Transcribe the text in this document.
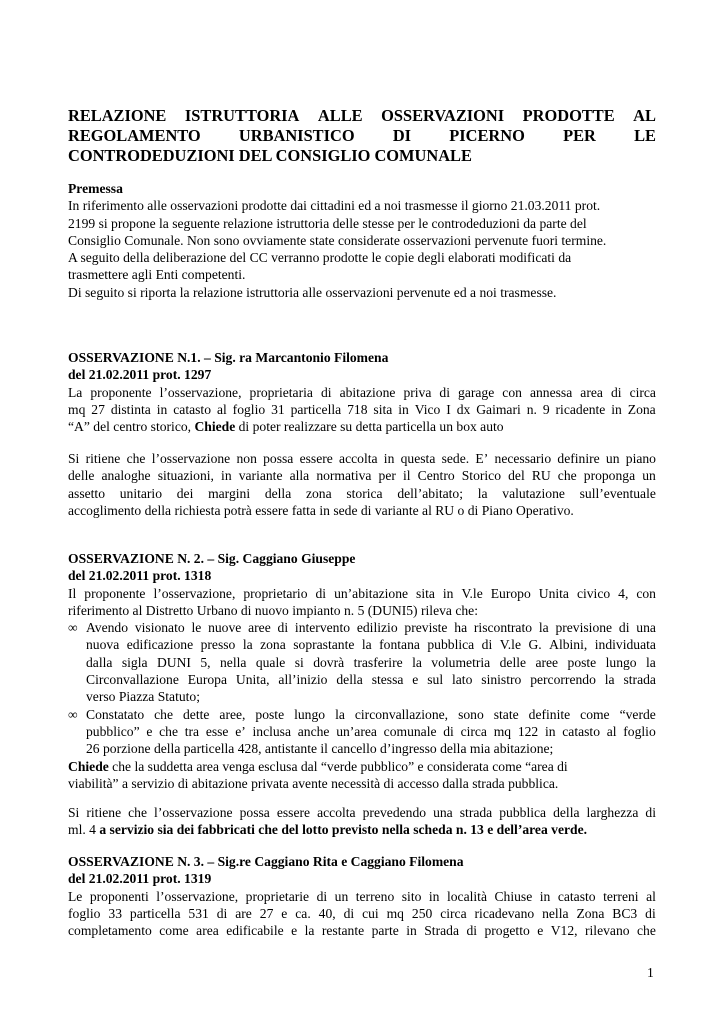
RELAZIONE ISTRUTTORIA ALLE OSSERVAZIONI PRODOTTE AL
REGOLAMENTO URBANISTICO DI PICERNO PER LE
CONTRODEDUZIONI DEL CONSIGLIO COMUNALE
Premessa
In riferimento alle osservazioni prodotte dai cittadini ed a noi trasmesse il giorno 21.03.2011 prot.
2199 si propone la seguente relazione istruttoria delle stesse per le controdeduzioni da parte del
Consiglio Comunale. Non sono ovviamente state considerate osservazioni pervenute fuori termine.
A seguito della deliberazione del CC verranno prodotte le copie degli elaborati modificati da
trasmettere agli Enti competenti.
Di seguito si riporta la relazione istruttoria alle osservazioni pervenute ed a noi trasmesse.
OSSERVAZIONE N.1. – Sig. ra Marcantonio Filomena
del 21.02.2011 prot. 1297
La proponente l’osservazione, proprietaria di abitazione priva di garage con annessa area di circa
mq 27 distinta in catasto al foglio 31 particella 718 sita in Vico I dx Gaimari n. 9 ricadente in Zona
“A” del centro storico, Chiede di poter realizzare su detta particella un box auto
Si ritiene che l’osservazione non possa essere accolta in questa sede. E’ necessario definire un piano
delle analoghe situazioni, in variante alla normativa per il Centro Storico del RU che proponga un
assetto unitario dei margini della zona storica dell’abitato; la valutazione sull’eventuale
accoglimento della richiesta potrà essere fatta in sede di variante al RU o di Piano Operativo.
OSSERVAZIONE N. 2. – Sig. Caggiano Giuseppe
del 21.02.2011 prot. 1318
Il proponente l’osservazione, proprietario di un’abitazione sita in V.le Europo Unita civico 4, con
riferimento al Distretto Urbano di nuovo impianto n. 5 (DUNI5) rileva che:
∞ Avendo visionato le nuove aree di intervento edilizio previste ha riscontrato la previsione di una
nuova edificazione presso la zona soprastante la fontana pubblica di V.le G. Albini, individuata
dalla sigla DUNI 5, nella quale si dovrà trasferire la volumetria delle aree poste lungo la
Circonvallazione Europa Unita, all’inizio della stessa e sul lato sinistro percorrendo la strada
verso Piazza Statuto;
∞ Constatato che dette aree, poste lungo la circonvallazione, sono state definite come “verde
pubblico” e che tra esse e’ inclusa anche un’area comunale di circa mq 122 in catasto al foglio
26 porzione della particella 428, antistante il cancello d’ingresso della mia abitazione;
Chiede che la suddetta area venga esclusa dal “verde pubblico” e considerata come “area di
viabilità” a servizio di abitazione privata avente necessità di accesso dalla strada pubblica.
Si ritiene che l’osservazione possa essere accolta prevedendo una strada pubblica della larghezza di
ml. 4 a servizio sia dei fabbricati che del lotto previsto nella scheda n. 13 e dell’area verde.
OSSERVAZIONE N. 3. – Sig.re Caggiano Rita e Caggiano Filomena
del 21.02.2011 prot. 1319
Le proponenti l’osservazione, proprietarie di un terreno sito in località Chiuse in catasto terreni al
foglio 33 particella 531 di are 27 e ca. 40, di cui mq 250 circa ricadevano nella Zona BC3 di
completamento come area edificabile e la restante parte in Strada di progetto e V12, rilevano che
1
